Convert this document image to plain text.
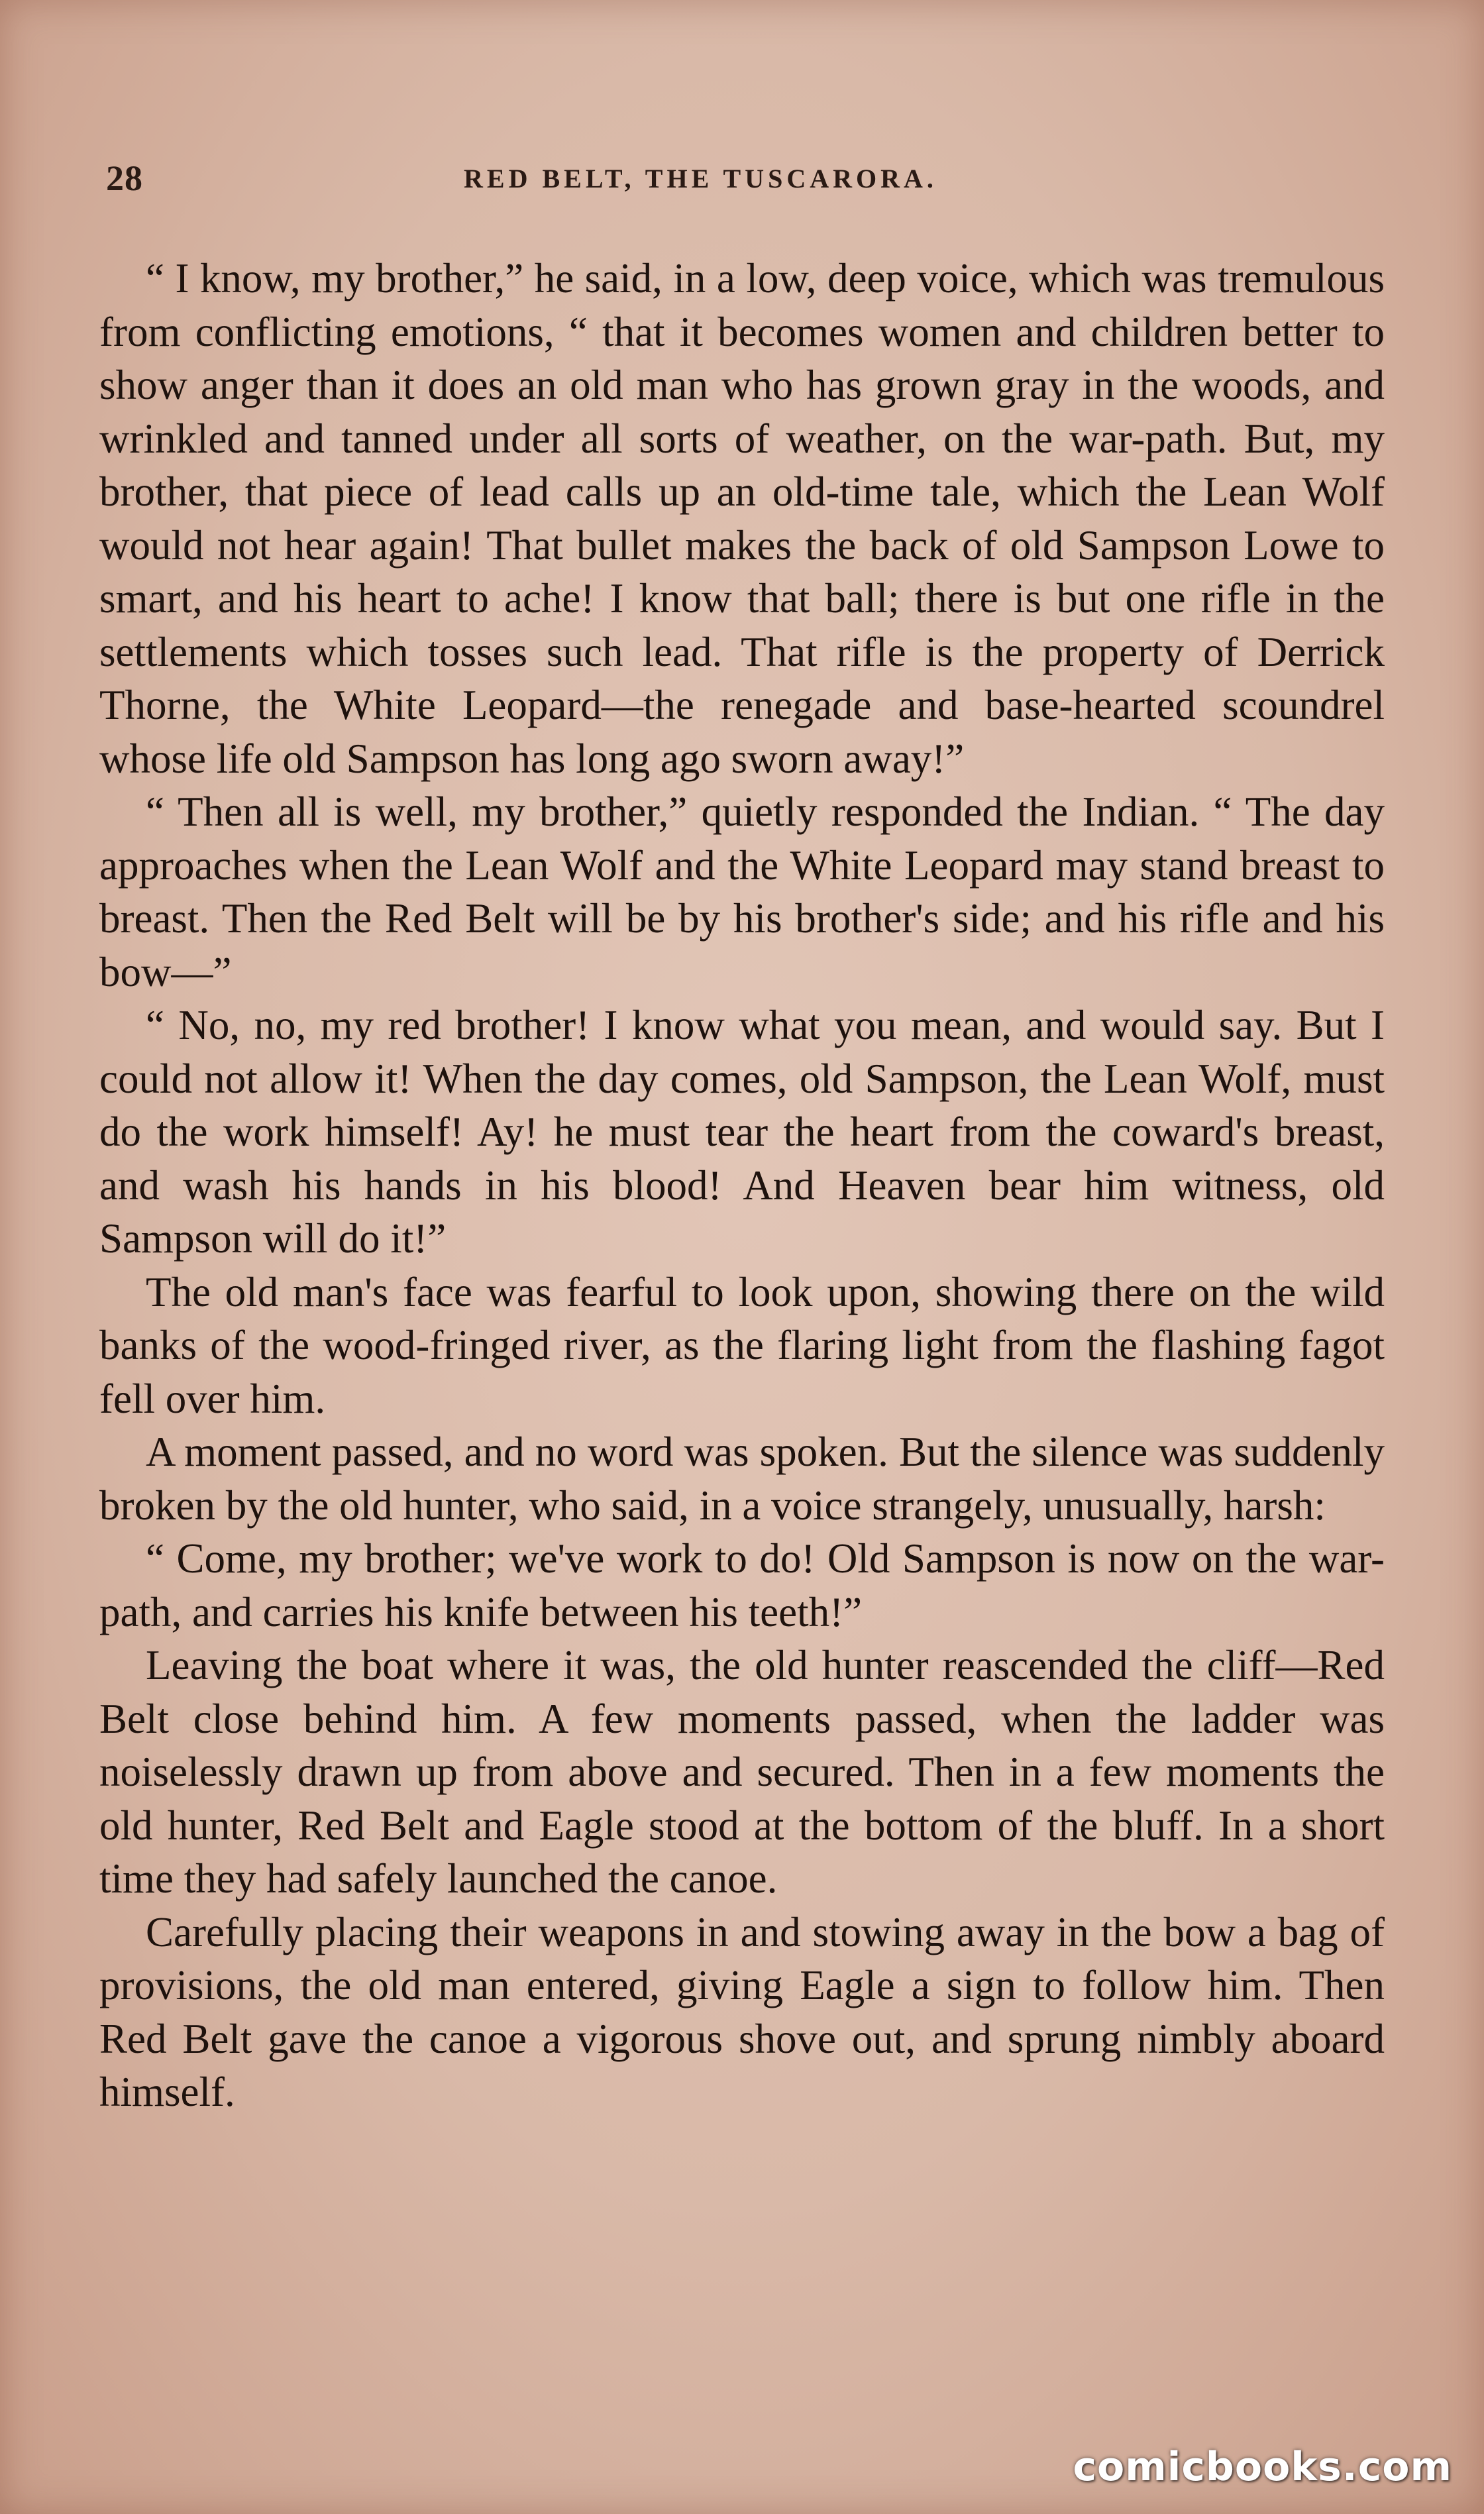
28	RED BELT, THE TUSCARORA.

“ I know, my brother,” he said, in a low, deep voice, which was tremulous from conflicting emotions, “ that it becomes women and children better to show anger than it does an old man who has grown gray in the woods, and wrinkled and tanned under all sorts of weather, on the war-path. But, my brother, that piece of lead calls up an old-time tale, which the Lean Wolf would not hear again! That bullet makes the back of old Sampson Lowe to smart, and his heart to ache! I know that ball; there is but one rifle in the settlements which tosses such lead. That rifle is the property of Derrick Thorne, the White Leopard—the renegade and base-hearted scoundrel whose life old Sampson has long ago sworn away!”

“ Then all is well, my brother,” quietly responded the Indian. “ The day approaches when the Lean Wolf and the White Leopard may stand breast to breast. Then the Red Belt will be by his brother's side; and his rifle and his bow—”

“ No, no, my red brother! I know what you mean, and would say. But I could not allow it! When the day comes, old Sampson, the Lean Wolf, must do the work himself! Ay! he must tear the heart from the coward's breast, and wash his hands in his blood! And Heaven bear him witness, old Sampson will do it!”

The old man's face was fearful to look upon, showing there on the wild banks of the wood-fringed river, as the flaring light from the flashing fagot fell over him.

A moment passed, and no word was spoken. But the silence was suddenly broken by the old hunter, who said, in a voice strangely, unusually, harsh:

“ Come, my brother; we've work to do! Old Sampson is now on the war-path, and carries his knife between his teeth!”

Leaving the boat where it was, the old hunter reascended the cliff—Red Belt close behind him. A few moments passed, when the ladder was noiselessly drawn up from above and secured. Then in a few moments the old hunter, Red Belt and Eagle stood at the bottom of the bluff. In a short time they had safely launched the canoe.

Carefully placing their weapons in and stowing away in the bow a bag of provisions, the old man entered, giving Eagle a sign to follow him. Then Red Belt gave the canoe a vigorous shove out, and sprung nimbly aboard himself.

comicbooks.com
